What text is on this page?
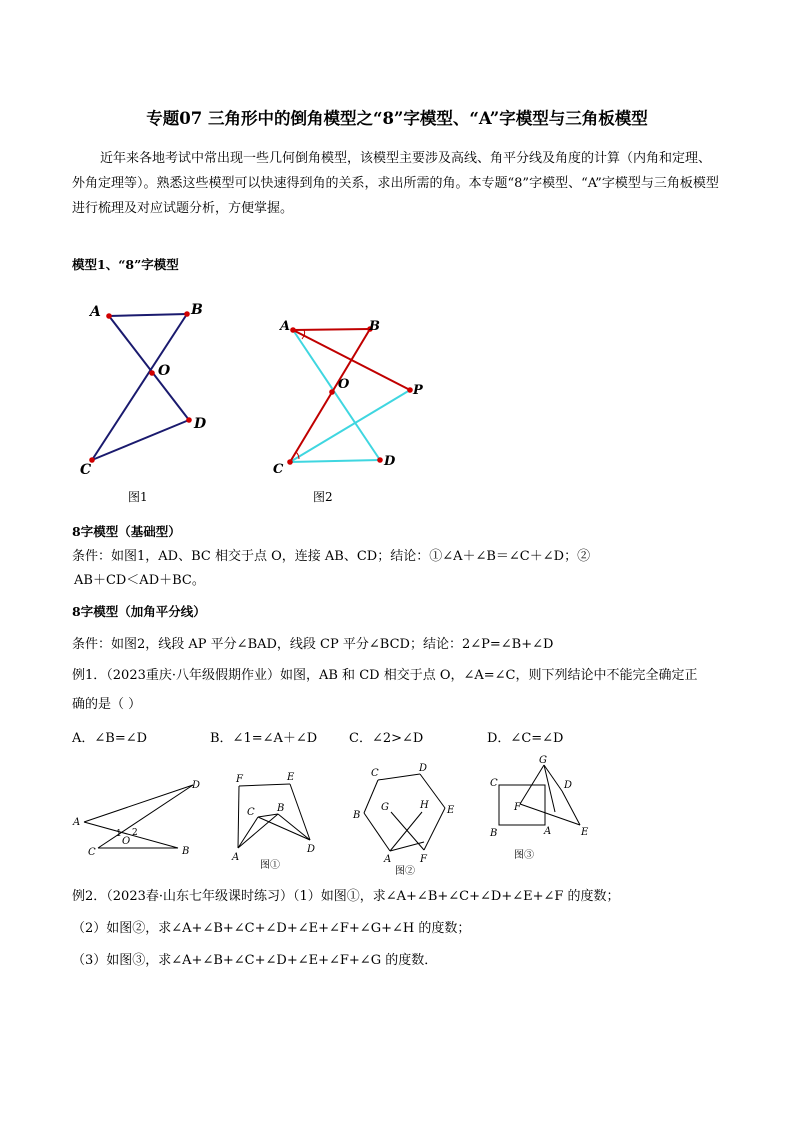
专题07 三角形中的倒角模型之“8”字模型、“A”字模型与三角板模型
近年来各地考试中常出现一些几何倒角模型，该模型主要涉及高线、角平分线及角度的计算（内角和定理、外角定理等）。熟悉这些模型可以快速得到角的关系，求出所需的角。本专题“8”字模型、“A”字模型与三角板模型进行梳理及对应试题分析，方便掌握。
模型1、“8”字模型
A	B
O
C
D
图1
A	B
O	P
C
D
图2
8字模型（基础型）
条件：如图1，AD、BC 相交于点 O，连接 AB、CD；结论：①∠A＋∠B＝∠C＋∠D；②
AB＋CD＜AD＋BC。
8字模型（加角平分线）
条件：如图2，线段 AP 平分∠BAD，线段 CP 平分∠BCD；结论：2∠P=∠B+∠D
例1．（2023重庆·八年级假期作业）如图，AB 和 CD 相交于点 O，∠A=∠C，则下列结论中不能完全确定正
确的是（ ）
A．∠B=∠D	B．∠1=∠A＋∠D C．∠2>∠D	D．∠C=∠D
A
C
O
B
D
1 2
F	E
C B
A
D
图①
C	D
B	E
G	H
A	F
图②
C
G
D
F
B	A	E
图③
例2．（2023春·山东七年级课时练习）（1）如图①，求∠A+∠B+∠C+∠D+∠E+∠F 的度数；
（2）如图②，求∠A+∠B+∠C+∠D+∠E+∠F+∠G+∠H 的度数；
（3）如图③，求∠A+∠B+∠C+∠D+∠E+∠F+∠G 的度数．
